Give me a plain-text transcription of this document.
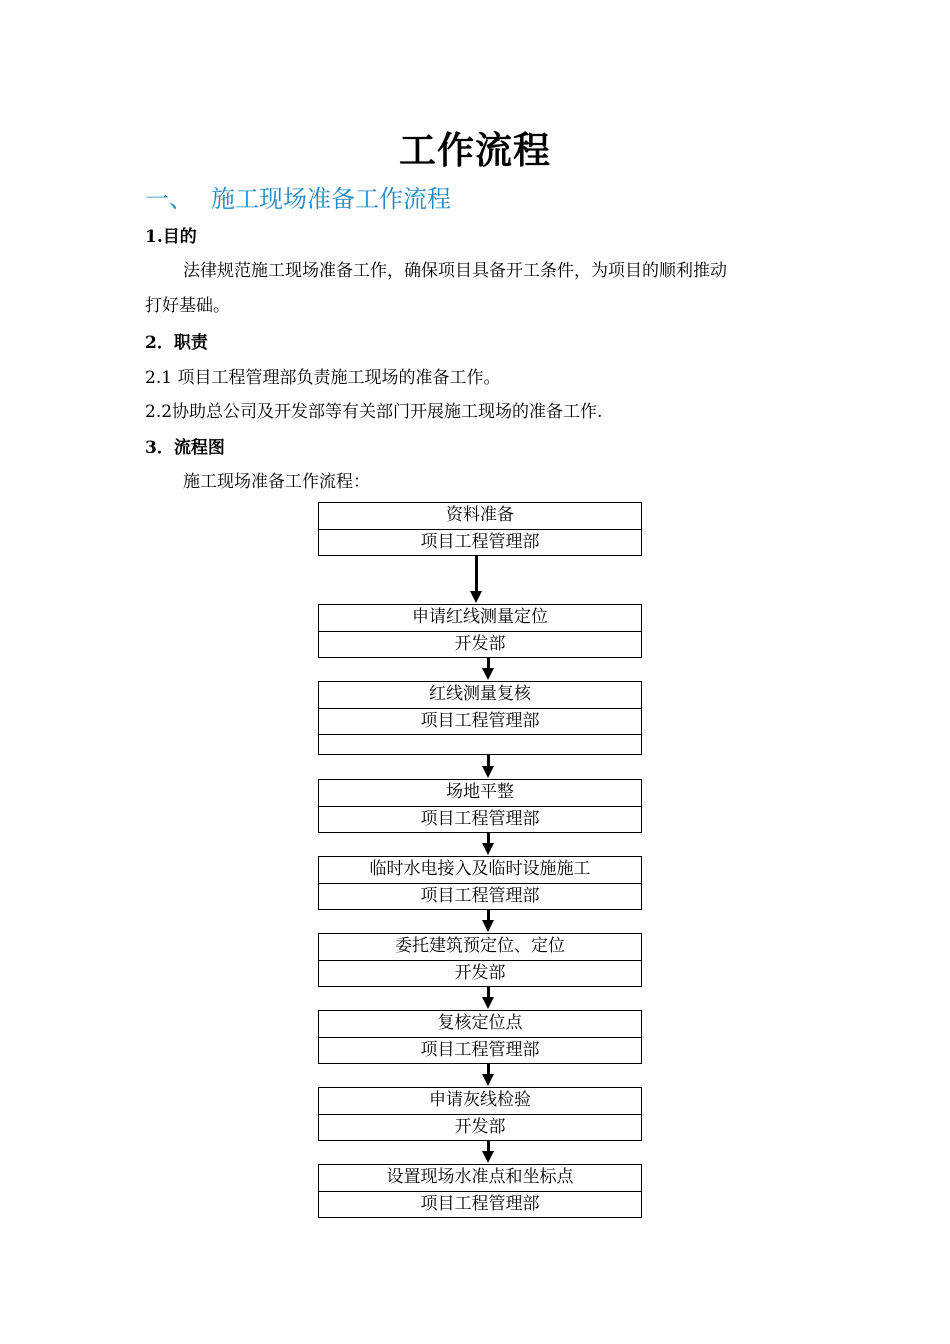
工作流程
一、 施工现场准备工作流程
1.目的
法律规范施工现场准备工作，确保项目具备开工条件，为项目的顺利推动
打好基础。
2．职责
2.1 项目工程管理部负责施工现场的准备工作。
2.2协助总公司及开发部等有关部门开展施工现场的准备工作.
3．流程图
施工现场准备工作流程：
资料准备
项目工程管理部
申请红线测量定位
开发部
红线测量复核
项目工程管理部
场地平整
项目工程管理部
临时水电接入及临时设施施工
项目工程管理部
委托建筑预定位、定位
开发部
复核定位点
项目工程管理部
申请灰线检验
开发部
设置现场水准点和坐标点
项目工程管理部
